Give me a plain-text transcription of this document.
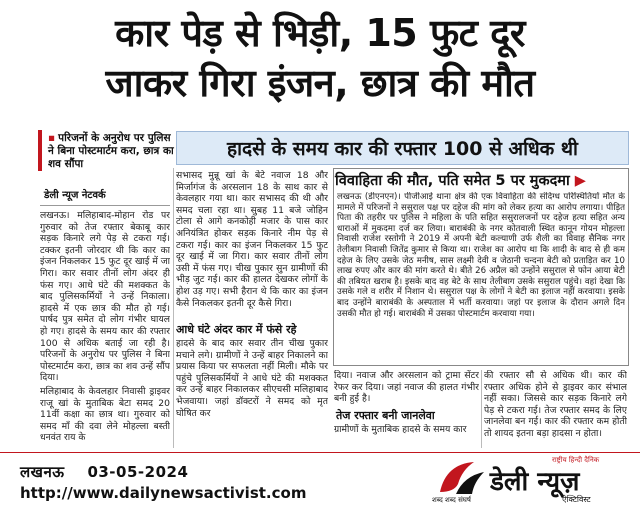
कार पेड़ से भिड़ी, 15 फुट दूर
जाकर गिरा इंजन, छात्र की मौत
▪ परिजनों के अनुरोध पर पुलिस ने बिना पोस्टमार्टम करा, छात्र का शव सौंपा
डेली न्यूज नेटवर्क

लखनऊ। मलिहाबाद-मोहान रोड पर गुरुवार को तेज रफ्तार बेकाबू कार सड़क किनारे लगे पेड़ से टकरा गई। टक्कर इतनी जोरदार थी कि कार का इंजन निकलकर 15 फुट दूर खाई में जा गिरा। कार सवार तीनों लोग अंदर ही फंस गए। आधे घंटे की मशक्कत के बाद पुलिसकर्मियों ने उन्हें निकाला। हादसे में एक छात्र की मौत हो गई। पार्षद पुत्र समेत दो लोग गंभीर घायल हो गए। हादसे के समय कार की रफ्तार 100 से अधिक बताई जा रही है। परिजनों के अनुरोध पर पुलिस ने बिना पोस्टमार्टम करा, छात्र का शव उन्हें सौंप दिया।

मलिहाबाद के केवलहार निवासी ड्राइवर राजू खां के मुताबिक बेटा समद 20 11वीं कक्षा का छात्र था। गुरुवार को समद माँ की दवा लेने मोहल्ला बस्ती धनवंत राय के

हादसे के समय कार की रफ्तार 100 से अधिक थी

सभासद मुन्नू खां के बेटे नवाज 18 और मिर्जागंज के अरसलान 18 के साथ कार से केवलहार गया था। कार सभासद की थी और समद चला रहा था। सुबह 11 बजे जोहिन टोला से आगे कनकोही मजार के पास कार अनियंत्रित होकर सड़क किनारे नीम पेड़ से टकरा गई। कार का इंजन निकलकर 15 फुट दूर खाई में जा गिरा। कार सवार तीनों लोग उसी में फंस गए। चीख पुकार सुन ग्रामीणों की भीड़ जुट गई। कार की हालत देखकर लोगों के होश उड़ गए। सभी हैरान थे कि कार का इंजन कैसे निकलकर इतनी दूर कैसे गिरा।

आधे घंटे अंदर कार में फंसे रहे

हादसे के बाद कार सवार तीन चीख पुकार मचाने लगे। ग्रामीणों ने उन्हें बाहर निकालने का प्रयास किया पर सफलता नहीं मिली। मौके पर पहुंचे पुलिसकर्मियों ने आधे घंटे की मशक्कत कर उन्हें बाहर निकालकर सीएचसी मलिहाबाद भेजवाया। जहां डॉक्टरों ने समद को मृत घोषित कर

विवाहिता की मौत, पति समेत 5 पर मुकदमा ▶

लखनऊ (डीएनएन)। पीजीआई थाना क्षेत्र की एक विवाहिता की संदिग्ध परिस्थितियों मौत के मामले में परिजनों ने ससुराल पक्ष पर दहेज की मांग को लेकर हत्या का आरोप लगाया। पीड़ित पिता की तहरीर पर पुलिस ने महिला के पति सहित ससुरालजनों पर दहेज हत्या सहित अन्य धाराओं में मुकदमा दर्ज कर लिया। बाराबंकी के नगर कोतवाली स्थित कानून गोयन मोहल्ला निवासी राजेश रस्तोगी ने 2019 में अपनी बेटी कल्याणी उर्फ शैली का विवाह सैनिक नगर तेलीबाग निवासी जितेंद्र कुमार से किया था। राजेश का आरोप था कि शादी के बाद से ही कम दहेज के लिए उसके जेठ मनीष, सास लक्ष्मी देवी व जेठानी चन्दना बेटी को प्रताड़ित कर 10 लाख रुपए और कार की मांग करते थे। बीते 26 अप्रैल को उन्होंने ससुराल से फोन आया बेटी की तबियत खराब है। इसके बाद वह बेटे के साथ तेलीबाग उसके ससुराल पहुंचे। वहां देखा कि उसके गले व शरीर में निशान थे। ससुराल पक्ष के लोगों ने बेटी का इलाज नहीं करवाया। इसके बाद उन्होंने बाराबंकी के अस्पताल में भर्ती करवाया। जहां पर इलाज के दौरान अगले दिन उसकी मौत हो गई। बाराबंकी में उसका पोस्टमार्टम करवाया गया।

दिया। नवाज और अरसलान को ट्रामा सेंटर रेफर कर दिया। जहां नवाज की हालत गंभीर बनी हुई है।

तेज रफ्तार बनी जानलेवा

ग्रामीणों के मुताबिक हादसे के समय कार

की रफ्तार सौ से अधिक थी। कार की रफ्तार अधिक होने से ड्राइवर कार संभाल नहीं सका। जिससे कार सड़क किनारे लगे पेड़ से टकरा गई। तेज रफ्तार समद के लिए जानलेवा बन गई। कार की रफ्तार कम होती तो शायद इतना बड़ा हादसा न होता।

लखनऊ 03-05-2024
http://www.dailynewsactivist.com	शब्द शब्द संघर्ष
राष्ट्रीय हिन्दी दैनिक
डेली न्यूज़
ऐक्टिविस्ट
